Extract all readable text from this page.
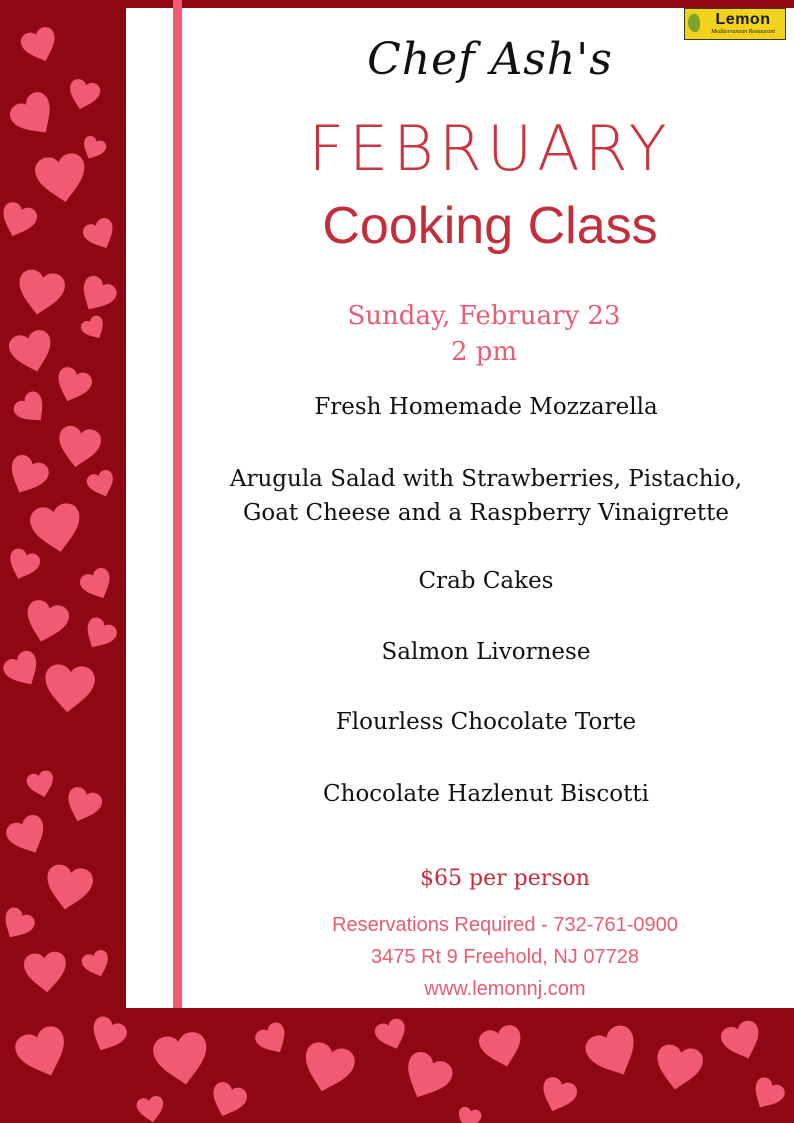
Lemon
Mediterranean Restaurant
Chef Ash's
FEBRUARY
Cooking Class
Sunday, February 23
2 pm
Fresh Homemade Mozzarella
Arugula Salad with Strawberries, Pistachio,
Goat Cheese and a Raspberry Vinaigrette
Crab Cakes
Salmon Livornese
Flourless Chocolate Torte
Chocolate Hazlenut Biscotti
$65 per person
Reservations Required - 732-761-0900
3475 Rt 9 Freehold, NJ 07728
www.lemonnj.com
